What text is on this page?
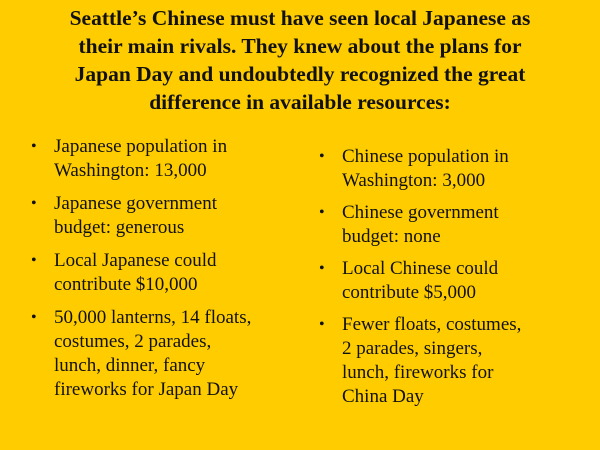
Seattle’s Chinese must have seen local Japanese as
their main rivals. They knew about the plans for
Japan Day and undoubtedly recognized the great
difference in available resources:
• Japanese population in
Washington: 13,000
• Japanese government
budget: generous
• Local Japanese could
contribute $10,000
• 50,000 lanterns, 14 floats,
costumes, 2 parades,
lunch, dinner, fancy
fireworks for Japan Day
• Chinese population in
Washington: 3,000
• Chinese government
budget: none
• Local Chinese could
contribute $5,000
• Fewer floats, costumes,
2 parades, singers,
lunch, fireworks for
China Day
